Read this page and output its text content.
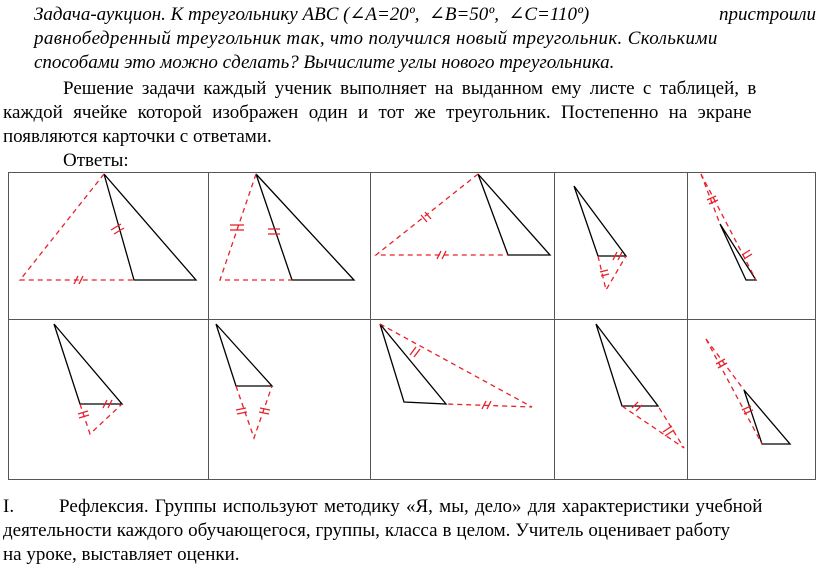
Задача-аукцион. К треугольнику ABC (∠A=20º, ∠B=50º, ∠C=110º)	пристроили
равнобедренный треугольник так, что получился новый треугольник. Сколькими
способами это можно сделать? Вычислите углы нового треугольника.
Решение задачи каждый ученик выполняет на выданном ему листе с таблицей, в
каждой ячейке которой изображен один и тот же треугольник. Постепенно на экране
появляются карточки с ответами.
Ответы:
I. Рефлексия. Группы используют методику «Я, мы, дело» для характеристики учебной
деятельности каждого обучающегося, группы, класса в целом. Учитель оценивает работу
на уроке, выставляет оценки.
